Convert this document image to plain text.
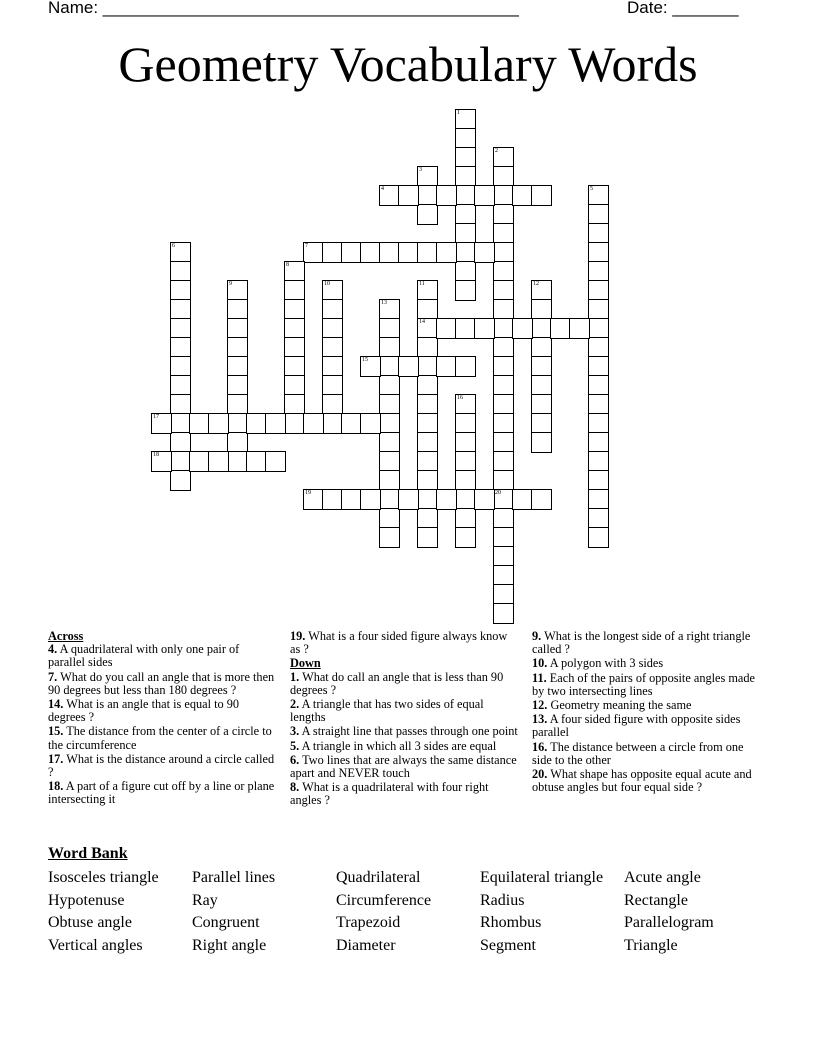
Name: ____________________________________________	Date: _______
Geometry Vocabulary Words
1
2
20
3
4	5
6	7
8
9	10	11
14
12
13
15
16
17
18
19
Across
4. A quadrilateral with only one pair of parallel sides
7. What do you call an angle that is more then 90 degrees but less than 180 degrees ?
14. What is an angle that is equal to 90 degrees ?
15. The distance from the center of a circle to the circumference
17. What is the distance around a circle called ?
18. A part of a figure cut off by a line or plane intersecting it
19. What is a four sided figure always know as ?
Down
1. What do call an angle that is less than 90 degrees ?
2. A triangle that has two sides of equal lengths
3. A straight line that passes through one point
5. A triangle in which all 3 sides are equal
6. Two lines that are always the same distance apart and NEVER touch
8. What is a quadrilateral with four right angles ?
9. What is the longest side of a right triangle called ?
10. A polygon with 3 sides
11. Each of the pairs of opposite angles made by two intersecting lines
12. Geometry meaning the same
13. A four sided figure with opposite sides parallel
16. The distance between a circle from one side to the other
20. What shape has opposite equal acute and obtuse angles but four equal side ?
Word Bank
Isosceles triangle	Parallel lines	Quadrilateral	Equilateral triangle	Acute angle
Hypotenuse	Ray	Circumference	Radius	Rectangle
Obtuse angle	Congruent	Trapezoid	Rhombus	Parallelogram
Vertical angles	Right angle	Diameter	Segment	Triangle
